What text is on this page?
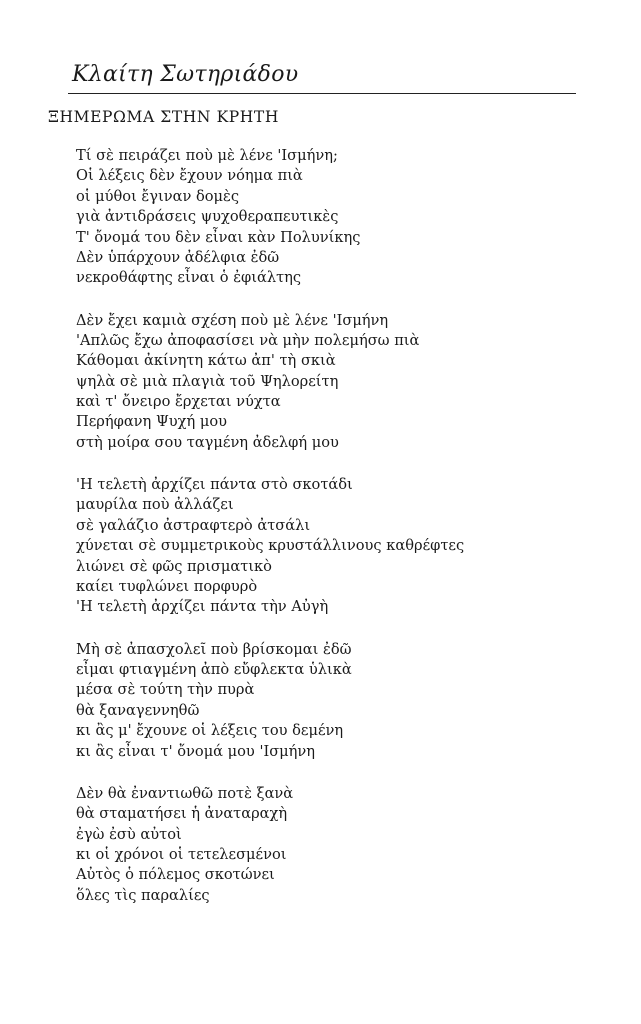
Κλαίτη Σωτηριάδου
ΞΗΜΕΡΩΜΑ ΣΤΗΝ ΚΡΗΤΗ
Τί σὲ πειράζει ποὺ μὲ λένε 'Ισμήνη;
Οἱ λέξεις δὲν ἔχουν νόημα πιὰ
οἱ μύθοι ἔγιναν δομὲς
γιὰ ἀντιδράσεις ψυχοθεραπευτικὲς
Τ' ὄνομά του δὲν εἶναι κὰν Πολυνίκης
Δὲν ὑπάρχουν ἀδέλφια ἐδῶ
νεκροθάφτης εἶναι ὁ ἐφιάλτης
Δὲν ἔχει καμιὰ σχέση ποὺ μὲ λένε 'Ισμήνη
'Απλῶς ἔχω ἀποφασίσει νὰ μὴν πολεμήσω πιὰ
Κάθομαι ἀκίνητη κάτω ἀπ' τὴ σκιὰ
ψηλὰ σὲ μιὰ πλαγιὰ τοῦ Ψηλορείτη
καὶ τ' ὄνειρο ἔρχεται νύχτα
Περήφανη Ψυχή μου
στὴ μοίρα σου ταγμένη ἀδελφή μου
'Η τελετὴ ἀρχίζει πάντα στὸ σκοτάδι
μαυρίλα ποὺ ἀλλάζει
σὲ γαλάζιο ἀστραφτερὸ ἀτσάλι
χύνεται σὲ συμμετρικοὺς κρυστάλλινους καθρέφτες
λιώνει σὲ φῶς πρισματικὸ
καίει τυφλώνει πορφυρὸ
'Η τελετὴ ἀρχίζει πάντα τὴν Αὐγὴ
Μὴ σὲ ἀπασχολεῖ ποὺ βρίσκομαι ἐδῶ
εἶμαι φτιαγμένη ἀπὸ εὔφλεκτα ὑλικὰ
μέσα σὲ τούτη τὴν πυρὰ
θὰ ξαναγεννηθῶ
κι ἂς μ' ἔχουνε οἱ λέξεις του δεμένη
κι ἂς εἶναι τ' ὄνομά μου 'Ισμήνη
Δὲν θὰ ἐναντιωθῶ ποτὲ ξανὰ
θὰ σταματήσει ἡ ἀναταραχὴ
ἐγὼ ἐσὺ αὐτοὶ
κι οἱ χρόνοι οἱ τετελεσμένοι
Αὐτὸς ὁ πόλεμος σκοτώνει
ὅλες τὶς παραλίες
